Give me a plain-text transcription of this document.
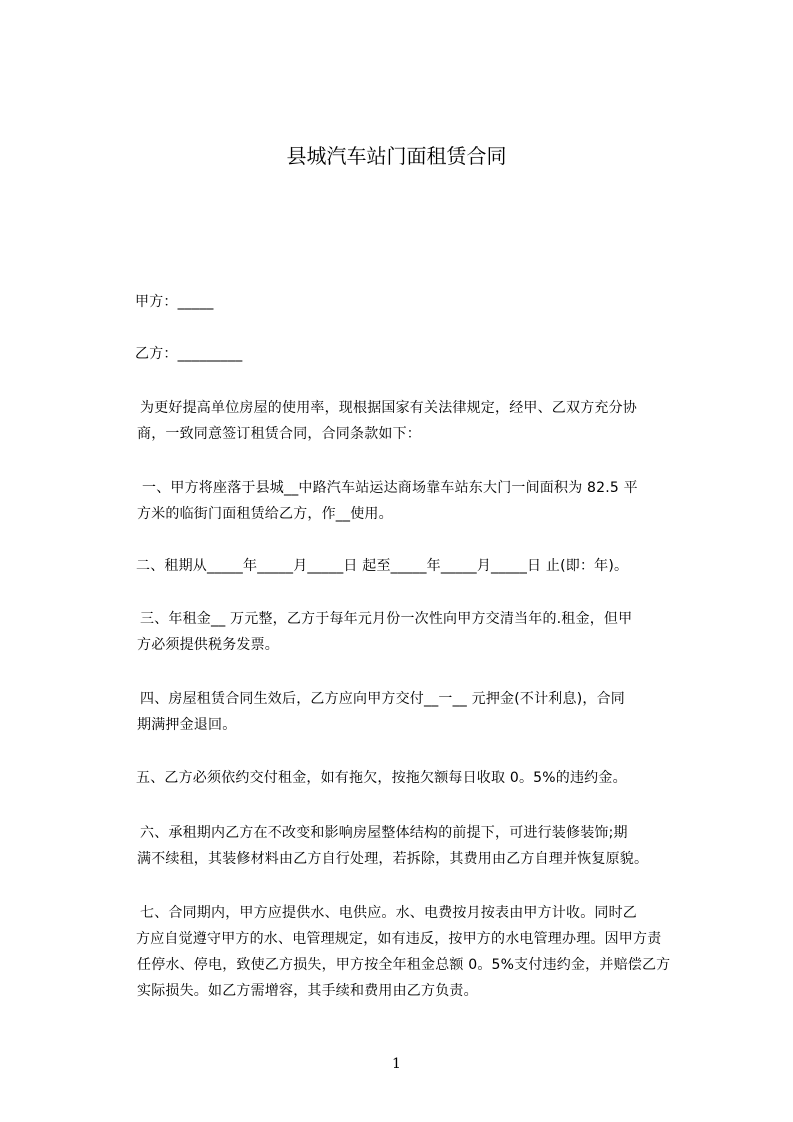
县城汽车站门面租赁合同
甲方：_____
乙方：_________
为更好提高单位房屋的使用率，现根据国家有关法律规定，经甲、乙双方充分协
商，一致同意签订租赁合同，合同条款如下：
一、甲方将座落于县城__中路汽车站运达商场靠车站东大门一间面积为 82.5 平
方米的临街门面租赁给乙方，作__使用。
二、租期从_____年_____月_____日 起至_____年_____月_____日 止(即：年)。
三、年租金__ 万元整，乙方于每年元月份一次性向甲方交清当年的.租金，但甲
方必须提供税务发票。
四、房屋租赁合同生效后，乙方应向甲方交付__一__ 元押金(不计利息)，合同
期满押金退回。
五、乙方必须依约交付租金，如有拖欠，按拖欠额每日收取 0。5%的违约金。
六、承租期内乙方在不改变和影响房屋整体结构的前提下，可进行装修装饰;期
满不续租，其装修材料由乙方自行处理，若拆除，其费用由乙方自理并恢复原貌。
七、合同期内，甲方应提供水、电供应。水、电费按月按表由甲方计收。同时乙
方应自觉遵守甲方的水、电管理规定，如有违反，按甲方的水电管理办理。因甲方责
任停水、停电，致使乙方损失，甲方按全年租金总额 0。5%支付违约金，并赔偿乙方
实际损失。如乙方需增容，其手续和费用由乙方负责。
1
